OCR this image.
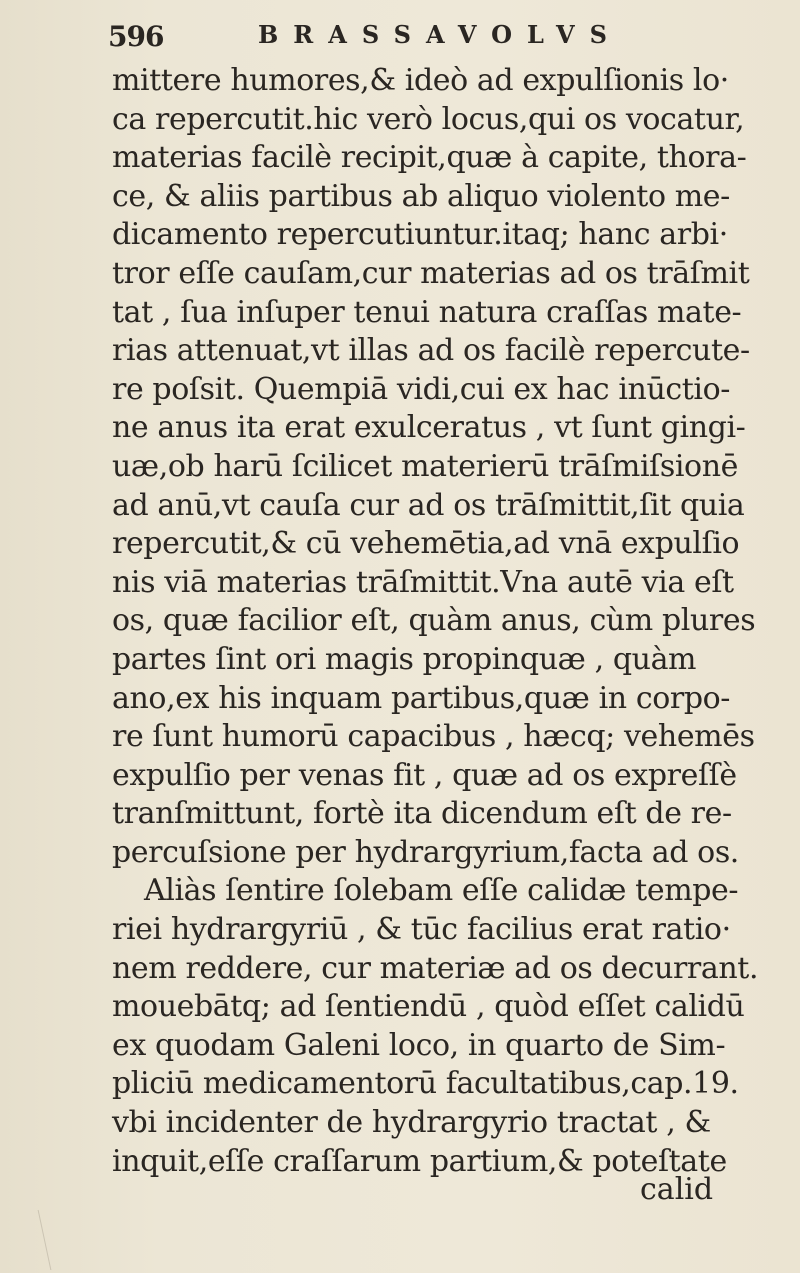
596	BRASSAVOLVS
mittere humores,& ideò ad expulſionis lo·
ca repercutit.hic verò locus,qui os vocatur,
materias facilè recipit,quæ à capite, thora-
ce, & aliis partibus ab aliquo violento me-
dicamento repercutiuntur.itaq; hanc arbi·
tror eſſe cauſam,cur materias ad os trāſmit
tat , ſua inſuper tenui natura craſſas mate-
rias attenuat,vt illas ad os facilè repercute-
re poſsit. Quempiā vidi,cui ex hac inūctio-
ne anus ita erat exulceratus , vt ſunt gingi-
uæ,ob harū ſcilicet materierū trāſmiſsionē
ad anū,vt cauſa cur ad os trāſmittit,ſit quia
repercutit,& cū vehemētia,ad vnā expulſio
nis viā materias trāſmittit.Vna autē via eſt
os, quæ facilior eſt, quàm anus, cùm plures
partes ſint ori magis propinquæ , quàm
ano,ex his inquam partibus,quæ in corpo-
re ſunt humorū capacibus , hæcq; vehemēs
expulſio per venas fit , quæ ad os expreſſè
tranſmittunt, fortè ita dicendum eſt de re-
percuſsione per hydrargyrium,facta ad os.
Aliàs ſentire ſolebam eſſe calidæ tempe-
riei hydrargyriū , & tūc facilius erat ratio·
nem reddere, cur materiæ ad os decurrant.
mouebātq; ad ſentiendū , quòd eſſet calidū
ex quodam Galeni loco, in quarto de Sim-
pliciū medicamentorū facultatibus,cap.19.
vbi incidenter de hydrargyrio tractat , &
inquit,eſſe craſſarum partium,& poteſtate
calid
